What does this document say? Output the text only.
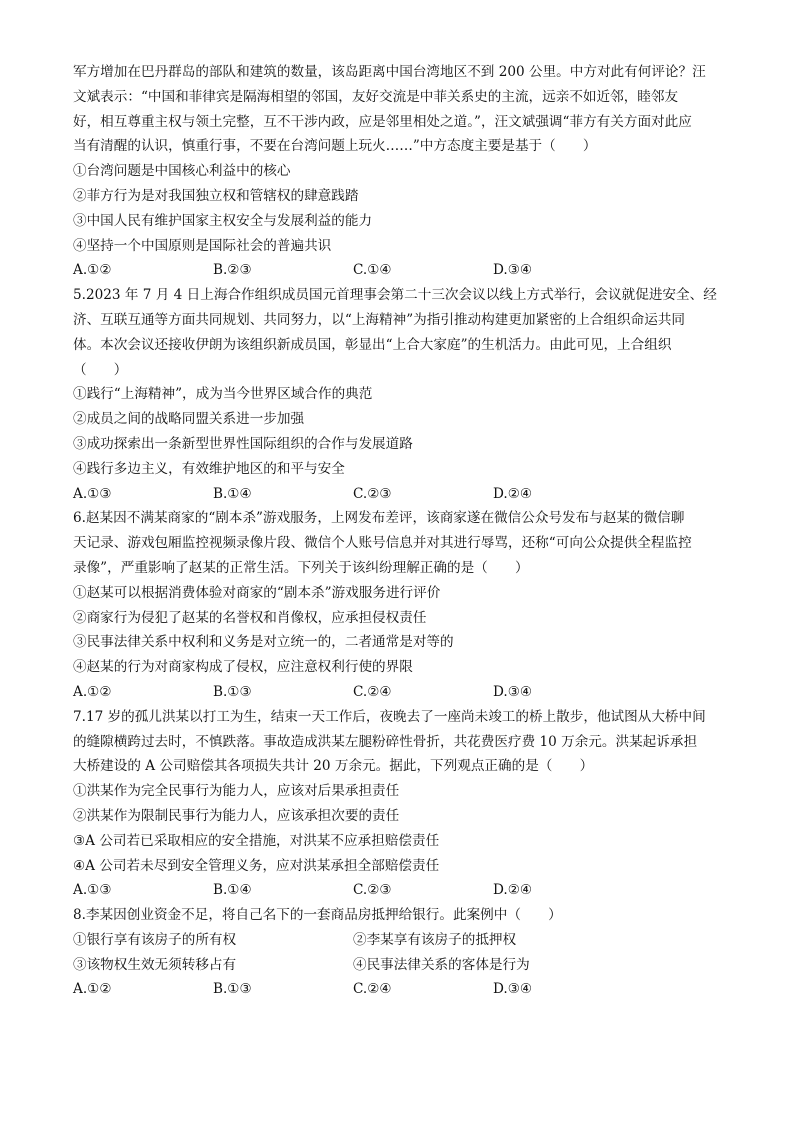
军方增加在巴丹群岛的部队和建筑的数量，该岛距离中国台湾地区不到 200 公里。中方对此有何评论？汪

文斌表示：“中国和菲律宾是隔海相望的邻国，友好交流是中菲关系史的主流，远亲不如近邻，睦邻友

好，相互尊重主权与领土完整，互不干涉内政，应是邻里相处之道。”，汪文斌强调“菲方有关方面对此应

当有清醒的认识，慎重行事，不要在台湾问题上玩火……”中方态度主要是基于（　　）

①台湾问题是中国核心利益中的核心

②菲方行为是对我国独立权和管辖权的肆意践踏

③中国人民有维护国家主权安全与发展利益的能力

④坚持一个中国原则是国际社会的普遍共识

A.①②	B.②③	C.①④	D.③④

5.2023 年 7 月 4 日上海合作组织成员国元首理事会第二十三次会议以线上方式举行，会议就促进安全、经

济、互联互通等方面共同规划、共同努力，以“上海精神”为指引推动构建更加紧密的上合组织命运共同

体。本次会议还接收伊朗为该组织新成员国，彰显出“上合大家庭”的生机活力。由此可见，上合组织

（　　）

①践行“上海精神”，成为当今世界区域合作的典范

②成员之间的战略同盟关系进一步加强

③成功探索出一条新型世界性国际组织的合作与发展道路

④践行多边主义，有效维护地区的和平与安全

A.①③	B.①④	C.②③	D.②④

6.赵某因不满某商家的“剧本杀”游戏服务，上网发布差评，该商家遂在微信公众号发布与赵某的微信聊

天记录、游戏包厢监控视频录像片段、微信个人账号信息并对其进行辱骂，还称“可向公众提供全程监控

录像”，严重影响了赵某的正常生活。下列关于该纠纷理解正确的是（　　）

①赵某可以根据消费体验对商家的“剧本杀”游戏服务进行评价

②商家行为侵犯了赵某的名誉权和肖像权，应承担侵权责任

③民事法律关系中权利和义务是对立统一的，二者通常是对等的

④赵某的行为对商家构成了侵权，应注意权利行使的界限

A.①②	B.①③	C.②④	D.③④

7.17 岁的孤儿洪某以打工为生，结束一天工作后，夜晚去了一座尚未竣工的桥上散步，他试图从大桥中间

的缝隙横跨过去时，不慎跌落。事故造成洪某左腿粉碎性骨折，共花费医疗费 10 万余元。洪某起诉承担

大桥建设的 A 公司赔偿其各项损失共计 20 万余元。据此，下列观点正确的是（　　）

①洪某作为完全民事行为能力人，应该对后果承担责任

②洪某作为限制民事行为能力人，应该承担次要的责任

③A 公司若已采取相应的安全措施，对洪某不应承担赔偿责任

④A 公司若未尽到安全管理义务，应对洪某承担全部赔偿责任

A.①③	B.①④	C.②③	D.②④

8.李某因创业资金不足，将自己名下的一套商品房抵押给银行。此案例中（　　）

①银行享有该房子的所有权	②李某享有该房子的抵押权
③该物权生效无须转移占有	④民事法律关系的客体是行为
A.①②	B.①③	C.②④	D.③④
